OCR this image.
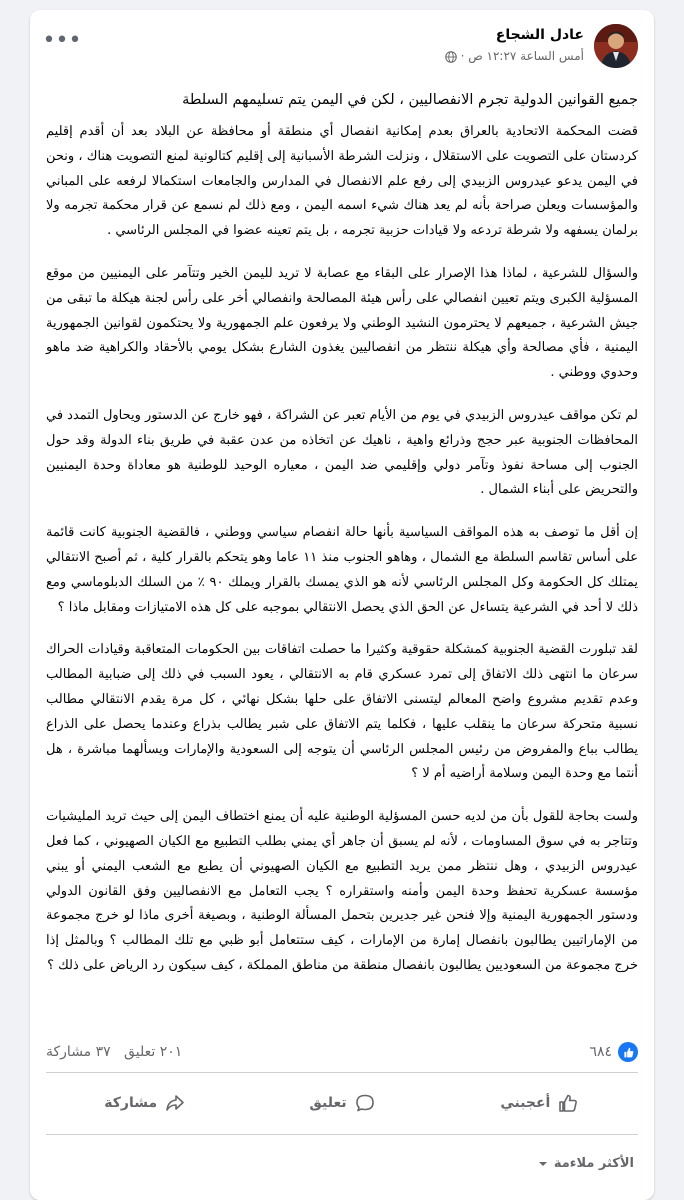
عادل الشجاع
أمس الساعة ١٢:٢٧ ص ·
•••
جميع القوانين الدولية تجرم الانفصاليين ، لكن في اليمن يتم تسليمهم السلطة

قضت المحكمة الاتحادية بالعراق بعدم إمكانية انفصال أي منطقة أو محافظة عن البلاد بعد أن أقدم إقليم كردستان على التصويت على الاستقلال ، ونزلت الشرطة الأسبانية إلى إقليم كتالونية لمنع التصويت هناك ، ونحن في اليمن يدعو عيدروس الزبيدي إلى رفع علم الانفصال في المدارس والجامعات استكمالا لرفعه على المباني والمؤسسات ويعلن صراحة بأنه لم يعد هناك شيء اسمه اليمن ، ومع ذلك لم نسمع عن قرار محكمة تجرمه ولا برلمان يسفهه ولا شرطة تردعه ولا قيادات حزبية تجرمه ، بل يتم تعينه عضوا في المجلس الرئاسي .

والسؤال للشرعية ، لماذا هذا الإصرار على البقاء مع عصابة لا تريد لليمن الخير وتتآمر على اليمنيين من موقع المسؤلية الكبرى ويتم تعيين انفصالي على رأس هيئة المصالحة وانفصالي أخر على رأس لجنة هيكلة ما تبقى من جيش الشرعية ، جميعهم لا يحترمون النشيد الوطني ولا يرفعون علم الجمهورية ولا يحتكمون لقوانين الجمهورية اليمنية ، فأي مصالحة وأي هيكلة ننتظر من انفصاليين يغذون الشارع بشكل يومي بالأحقاد والكراهية ضد ماهو وحدوي ووطني .

لم تكن مواقف عيدروس الزبيدي في يوم من الأيام تعبر عن الشراكة ، فهو خارج عن الدستور ويحاول التمدد في المحافظات الجنوبية عبر حجج وذرائع واهية ، ناهيك عن اتخاذه من عدن عقبة في طريق بناء الدولة وقد حول الجنوب إلى مساحة نفوذ وتآمر دولي وإقليمي ضد اليمن ، معياره الوحيد للوطنية هو معاداة وحدة اليمنيين والتحريض على أبناء الشمال .

إن أقل ما توصف به هذه المواقف السياسية بأنها حالة انفصام سياسي ووطني ، فالقضية الجنوبية كانت قائمة على أساس تقاسم السلطة مع الشمال ، وهاهو الجنوب منذ ١١ عاما وهو يتحكم بالقرار كلية ، ثم أصبح الانتقالي يمتلك كل الحكومة وكل المجلس الرئاسي لأنه هو الذي يمسك بالقرار ويملك ٩٠ ٪ من السلك الدبلوماسي ومع ذلك لا أحد في الشرعية يتساءل عن الحق الذي يحصل الانتقالي بموجبه على كل هذه الامتيازات ومقابل ماذا ؟

لقد تبلورت القضية الجنوبية كمشكلة حقوقية وكثيرا ما حصلت اتفاقات بين الحكومات المتعاقبة وقيادات الحراك سرعان ما انتهى ذلك الاتفاق إلى تمرد عسكري قام به الانتقالي ، يعود السبب في ذلك إلى ضبابية المطالب وعدم تقديم مشروع واضح المعالم ليتسنى الاتفاق على حلها بشكل نهائي ، كل مرة يقدم الانتقالي مطالب نسبية متحركة سرعان ما ينقلب عليها ، فكلما يتم الاتفاق على شبر يطالب بذراع وعندما يحصل على الذراع يطالب بباع والمفروض من رئيس المجلس الرئاسي أن يتوجه إلى السعودية والإمارات ويسألهما مباشرة ، هل أنتما مع وحدة اليمن وسلامة أراضيه أم لا ؟

ولست بحاجة للقول بأن من لديه حسن المسؤلية الوطنية عليه أن يمنع اختطاف اليمن إلى حيث تريد المليشيات وتتاجر به في سوق المساومات ، لأنه لم يسبق أن جاهر أي يمني بطلب التطبيع مع الكيان الصهيوني ، كما فعل عيدروس الزبيدي ، وهل ننتظر ممن يريد التطبيع مع الكيان الصهيوني أن يطبع مع الشعب اليمني أو يبني مؤسسة عسكرية تحفظ وحدة اليمن وأمنه واستقراره ؟ يجب التعامل مع الانفصاليين وفق القانون الدولي ودستور الجمهورية اليمنية وإلا فنحن غير جديرين بتحمل المسألة الوطنية ، وبصيغة أخرى ماذا لو خرج مجموعة من الإماراتيين يطالبون بانفصال إمارة من الإمارات ، كيف ستتعامل أبو ظبي مع تلك المطالب ؟ وبالمثل إذا خرج مجموعة من السعوديين يطالبون بانفصال منطقة من مناطق المملكة ، كيف سيكون رد الرياض على ذلك ؟

٦٨٤
٢٠١ تعليق   ٣٧ مشاركة
أعجبني
تعليق
مشاركة
الأكثر ملاءمة
